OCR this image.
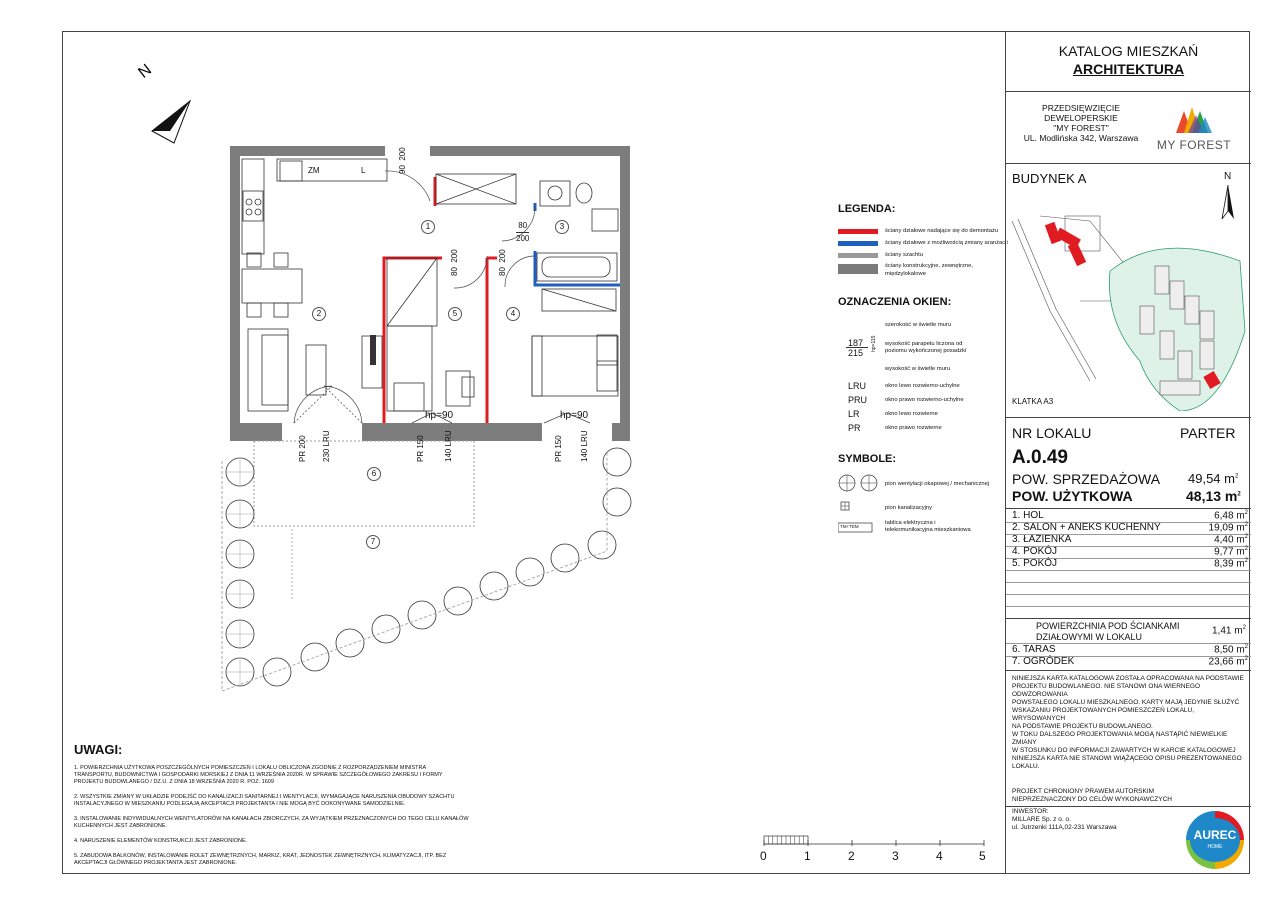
N
1
2
3
4
5
6
7
ZM	L	90  200
80
200
80  200
80  200
PR 200
230 LRU
hp=90
PR 150
140 LRU
hp=90
PR 150
140 LRU
LEGENDA:
ściany działowe nadające się do demontażu
ściany działowe z możliwością zmiany aranżacji
ściany szachtu
ściany konstrukcyjne, zewnętrzne,
międzylokalowe
OZNACZENIA OKIEN:
szerokość w świetle muru
187
215
hp=115 wysokość parapetu liczona od
poziomu wykończonej posadzki
wysokość w świetle muru
LRU	okno lewo rozwierno-uchylne
PRU	okno prawo rozwierno-uchylne
LR	okno lewo rozwierne
PR	okno prawo rozwierne
SYMBOLE:
TM+TEM
pion wentylacji okapowej / mechanicznej
pion kanalizacyjny
tablica elektryczna i
telekomunikacyjna mieszkaniowa
UWAGI:
1. POWIERZCHNIA UŻYTKOWA POSZCZEGÓLNYCH POMIESZCZEŃ I LOKALU OBLICZONA ZGODNIE Z ROZPORZĄDZENIEM MINISTRA
TRANSPORTU, BUDOWNICTWA I GOSPODARKI MORSKIEJ Z DNIA 11 WRZEŚNIA 2020R. W SPRAWIE SZCZEGÓŁOWEGO ZAKRESU I FORMY
PROJEKTU BUDOWLANEGO / DZ.U. Z DNIA 18 WRZEŚNIA 2020 R. POZ. 1609
2. WSZYSTKIE ZMIANY W UKŁADZIE PODEJŚĆ DO KANALIZACJI SANITARNEJ I WENTYLACJI, WYMAGAJĄCE NARUSZENIA OBUDOWY SZACHTU
INSTALACYJNEGO W MIESZKANIU PODLEGAJĄ AKCEPTACJI PROJEKTANTA I NIE MOGĄ BYĆ DOKONYWANE SAMODZIELNIE.
3. INSTALOWANIE INDYWIDUALNYCH WENTYLATORÓW NA KANAŁACH ZBIORCZYCH, ZA WYJĄTKIEM PRZEZNACZONYCH DO TEGO CELU KANAŁÓW
KUCHENNYCH JEST ZABRONIONE.
4. NARUSZENIE ELEMENTÓW KONSTRUKCJI JEST ZABRONIONE.
5. ZABUDOWA BALKONÓW, INSTALOWANIE ROLET ZEWNĘTRZNYCH, MARKIZ, KRAT, JEDNOSTEK ZEWNĘTRZNYCH, KLIMATYZACJI, ITP. BEZ
AKCEPTACJI GŁÓWNEGO PROJEKTANTA JEST ZABRONIONE.	0	1	2	3	4	5
KATALOG MIESZKAŃ
ARCHITEKTURA
PRZEDSIĘWZIĘCIE
DEWELOPERSKIE
"MY FOREST"
UL. Modlińska 342, Warszawa	MY FOREST
BUDYNEK A	N
KLATKA A3
NR LOKALU	PARTER
A.0.49
POW. SPRZEDAŻOWA 49,54 $m^2$
POW. UŻYTKOWA	48,13 $m^2$
1. HOL	6,48 $m^2$
2. SALON + ANEKS KUCHENNY	19,09 $m^2$
3. ŁAZIENKA	4,40 $m^2$
4. POKÓJ	9,77 $m^2$
5. POKÓJ	8,39 $m^2$
POWIERZCHNIA POD ŚCIANKAMI
DZIAŁOWYMI W LOKALU
1,41 $m^2$
6. TARAS	8,50 $m^2$
7. OGRÓDEK	23,66 $m^2$
NINIEJSZA KARTA KATALOGOWA ZOSTAŁA OPRACOWANA NA PODSTAWIE
PROJEKTU BUDOWLANEGO. NIE STANOWI ONA WIERNEGO ODWZOROWANIA
POWSTAŁEGO LOKALU MIESZKALNEGO. KARTY MAJĄ JEDYNIE SŁUŻYĆ
WSKAZANIU PROJEKTOWANYCH POMIESZCZEŃ LOKALU, WRYSOWANYCH
NA PODSTAWIE PROJEKTU BUDOWLANEGO.
W TOKU DALSZEGO PROJEKTOWANIA MOGĄ NASTĄPIĆ NIEWIELKIE ZMIANY
W STOSUNKU DO INFORMACJI ZAWARTYCH W KARCIE KATALOGOWEJ
NINIEJSZA KARTA NIE STANOWI WIĄŻĄCEGO OPISU PREZENTOWANEGO
LOKALU.
PROJEKT CHRONIONY PRAWEM AUTORSKIM
NIEPRZEZNACZONY DO CELÓW WYKONAWCZYCH
INWESTOR:
MILLARE Sp. z o. o.
ul. Jutrzenki 111A,02-231 Warszawa
AUREC
HOME
